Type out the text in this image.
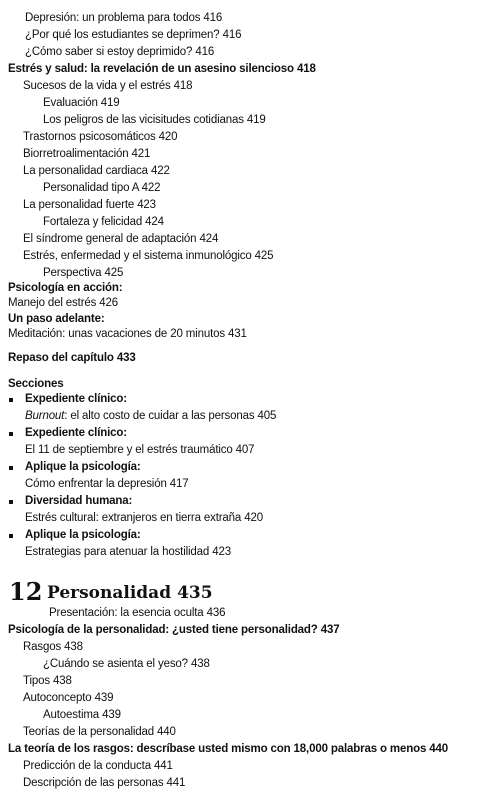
Depresión: un problema para todos 416
¿Por qué los estudiantes se deprimen? 416
¿Cómo saber si estoy deprimido? 416
Estrés y salud: la revelación de un asesino silencioso 418
Sucesos de la vida y el estrés 418
Evaluación 419
Los peligros de las vicisitudes cotidianas 419
Trastornos psicosomáticos 420
Biorretroalimentación 421
La personalidad cardiaca 422
Personalidad tipo A 422
La personalidad fuerte 423
Fortaleza y felicidad 424
El síndrome general de adaptación 424
Estrés, enfermedad y el sistema inmunológico 425
Perspectiva 425
Psicología en acción:
Manejo del estrés 426
Un paso adelante:
Meditación: unas vacaciones de 20 minutos 431
Repaso del capítulo 433
Secciones
Expediente clínico:
Burnout: el alto costo de cuidar a las personas 405
Expediente clínico:
El 11 de septiembre y el estrés traumático 407
Aplique la psicología:
Cómo enfrentar la depresión 417
Diversidad humana:
Estrés cultural: extranjeros en tierra extraña 420
Aplique la psicología:
Estrategias para atenuar la hostilidad 423
12 Personalidad 435
Presentación: la esencia oculta 436
Psicología de la personalidad: ¿usted tiene personalidad? 437
Rasgos 438
¿Cuándo se asienta el yeso? 438
Tipos 438
Autoconcepto 439
Autoestima 439
Teorías de la personalidad 440
La teoría de los rasgos: descríbase usted mismo con 18,000 palabras o menos 440
Predicción de la conducta 441
Descripción de las personas 441
